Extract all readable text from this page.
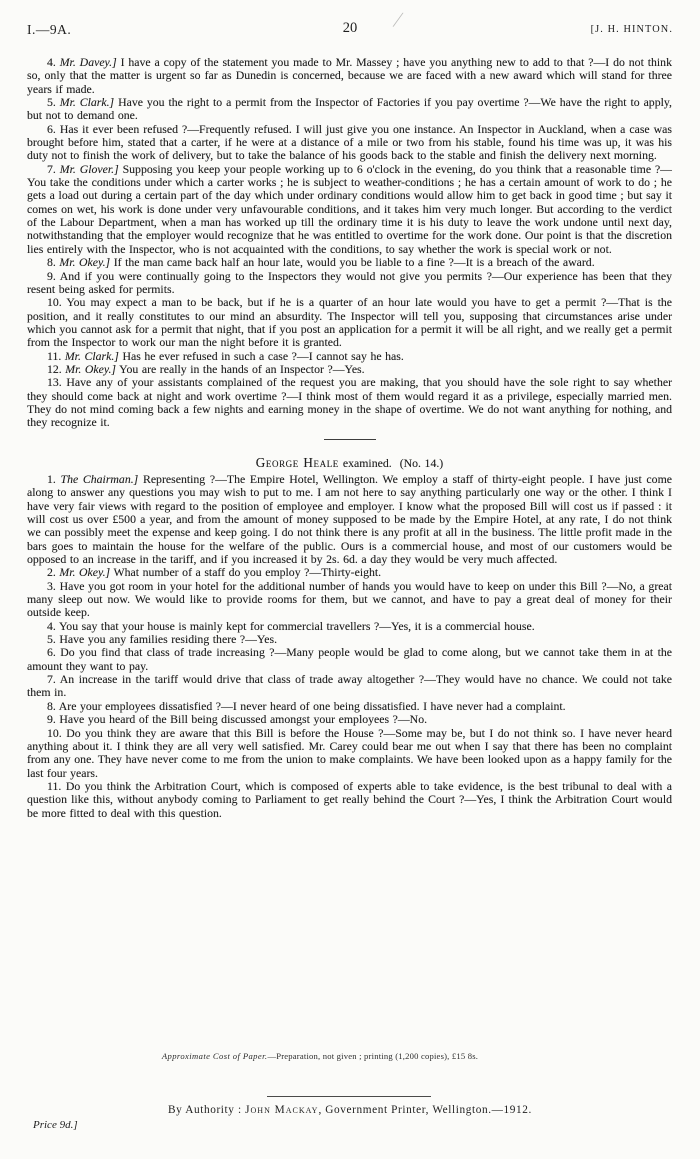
I.—9A.	20	[J. H. HINTON.

4. Mr. Davey.] I have a copy of the statement you made to Mr. Massey ; have you anything new to add to that ?—I do not think so, only that the matter is urgent so far as Dunedin is concerned, because we are faced with a new award which will stand for three years if made.

5. Mr. Clark.] Have you the right to a permit from the Inspector of Factories if you pay overtime ?—We have the right to apply, but not to demand one.

6. Has it ever been refused ?—Frequently refused. I will just give you one instance. An Inspector in Auckland, when a case was brought before him, stated that a carter, if he were at a distance of a mile or two from his stable, found his time was up, it was his duty not to finish the work of delivery, but to take the balance of his goods back to the stable and finish the delivery next morning.

7. Mr. Glover.] Supposing you keep your people working up to 6 o'clock in the evening, do you think that a reasonable time ?—You take the conditions under which a carter works ; he is subject to weather-conditions ; he has a certain amount of work to do ; he gets a load out during a certain part of the day which under ordinary conditions would allow him to get back in good time ; but say it comes on wet, his work is done under very unfavourable conditions, and it takes him very much longer. But according to the verdict of the Labour Department, when a man has worked up till the ordinary time it is his duty to leave the work undone until next day, notwithstanding that the employer would recognize that he was entitled to overtime for the work done. Our point is that the discretion lies entirely with the Inspector, who is not acquainted with the conditions, to say whether the work is special work or not.

8. Mr. Okey.] If the man came back half an hour late, would you be liable to a fine ?—It is a breach of the award.

9. And if you were continually going to the Inspectors they would not give you permits ?—Our experience has been that they resent being asked for permits.

10. You may expect a man to be back, but if he is a quarter of an hour late would you have to get a permit ?—That is the position, and it really constitutes to our mind an absurdity. The Inspector will tell you, supposing that circumstances arise under which you cannot ask for a permit that night, that if you post an application for a permit it will be all right, and we really get a permit from the Inspector to work our man the night before it is granted.

11. Mr. Clark.] Has he ever refused in such a case ?—I cannot say he has.

12. Mr. Okey.] You are really in the hands of an Inspector ?—Yes.

13. Have any of your assistants complained of the request you are making, that you should have the sole right to say whether they should come back at night and work overtime ?—I think most of them would regard it as a privilege, especially married men. They do not mind coming back a few nights and earning money in the shape of overtime. We do not want anything for nothing, and they recognize it.

George Heale examined. (No. 14.)

1. The Chairman.] Representing ?—The Empire Hotel, Wellington. We employ a staff of thirty-eight people. I have just come along to answer any questions you may wish to put to me. I am not here to say anything particularly one way or the other. I think I have very fair views with regard to the position of employee and employer. I know what the proposed Bill will cost us if passed : it will cost us over £500 a year, and from the amount of money supposed to be made by the Empire Hotel, at any rate, I do not think we can possibly meet the expense and keep going. I do not think there is any profit at all in the business. The little profit made in the bars goes to maintain the house for the welfare of the public. Ours is a commercial house, and most of our customers would be opposed to an increase in the tariff, and if you increased it by 2s. 6d. a day they would be very much affected.

2. Mr. Okey.] What number of a staff do you employ ?—Thirty-eight.

3. Have you got room in your hotel for the additional number of hands you would have to keep on under this Bill ?—No, a great many sleep out now. We would like to provide rooms for them, but we cannot, and have to pay a great deal of money for their outside keep.

4. You say that your house is mainly kept for commercial travellers ?—Yes, it is a commercial house.

5. Have you any families residing there ?—Yes.

6. Do you find that class of trade increasing ?—Many people would be glad to come along, but we cannot take them in at the amount they want to pay.

7. An increase in the tariff would drive that class of trade away altogether ?—They would have no chance. We could not take them in.

8. Are your employees dissatisfied ?—I never heard of one being dissatisfied. I have never had a complaint.

9. Have you heard of the Bill being discussed amongst your employees ?—No.

10. Do you think they are aware that this Bill is before the House ?—Some may be, but I do not think so. I have never heard anything about it. I think they are all very well satisfied. Mr. Carey could bear me out when I say that there has been no complaint from any one. They have never come to me from the union to make complaints. We have been looked upon as a happy family for the last four years.

11. Do you think the Arbitration Court, which is composed of experts able to take evidence, is the best tribunal to deal with a question like this, without anybody coming to Parliament to get really behind the Court ?—Yes, I think the Arbitration Court would be more fitted to deal with this question.

Approximate Cost of Paper.—Preparation, not given ; printing (1,200 copies), £15 8s.
By Authority : John Mackay, Government Printer, Wellington.—1912.
Price 9d.]
